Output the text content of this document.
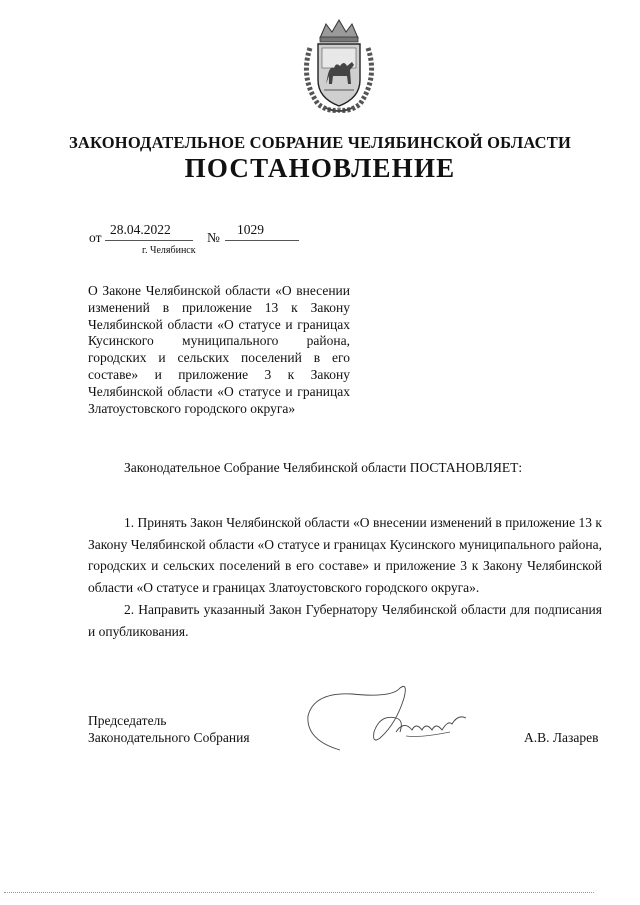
ЗАКОНОДАТЕЛЬНОЕ СОБРАНИЕ ЧЕЛЯБИНСКОЙ ОБЛАСТИ
ПОСТАНОВЛЕНИЕ
от
28.04.2022
№
1029
г. Челябинск
О Законе Челябинской области «О внесении изменений в приложение 13 к Закону Челябинской области «О статусе и границах Кусинского муниципального района, городских и сельских поселений в его составе» и приложение 3 к Закону Челябинской области «О статусе и границах Златоустовского городского округа»
Законодательное Собрание Челябинской области ПОСТАНОВЛЯЕТ:

1. Принять Закон Челябинской области «О внесении изменений в приложение 13 к Закону Челябинской области «О статусе и границах Кусинского муниципального района, городских и сельских поселений в его составе» и приложение 3 к Закону Челябинской области «О статусе и границах Златоустовского городского округа».

2. Направить указанный Закон Губернатору Челябинской области для подписания и опубликования.

Председатель
Законодательного Собрания	А.В. Лазарев
